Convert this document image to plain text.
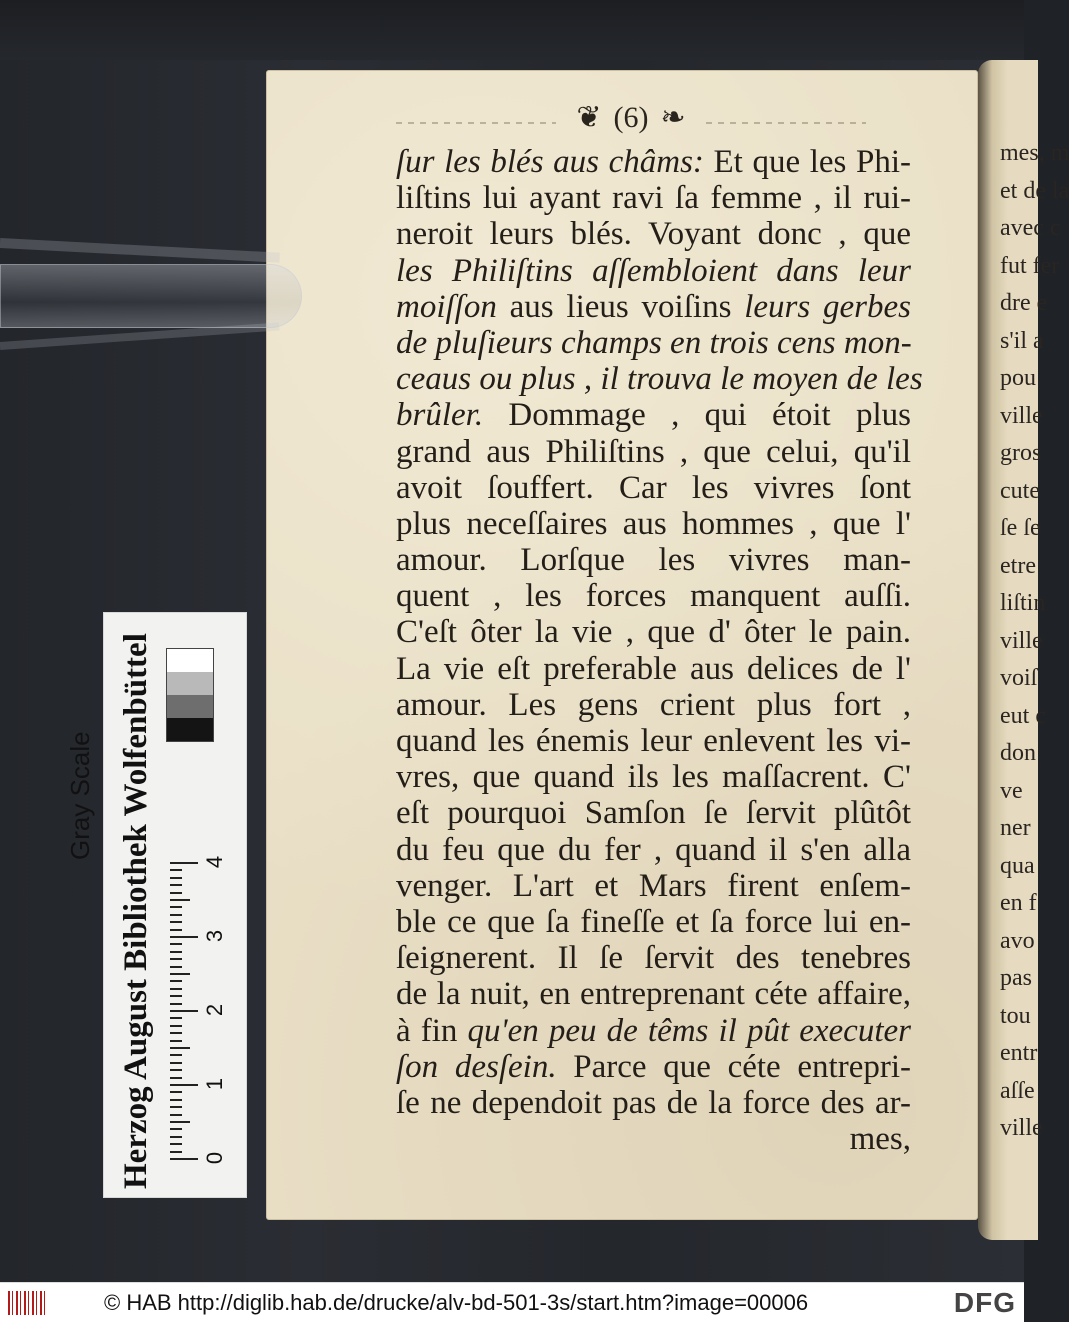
mes, m
et de la
avec c
fut fer
dre e
s'il a
pou
ville
gros
cute
ſe ſe
etre
liſtin
ville
voiſ
eut c
don
ve
ner
qua
en f
avo
pas
tou
entr
aſſe
ville
❦ (6) ❧
ſur les blés aus châms: Et que les Phi-
liſtins lui ayant ravi ſa femme , il rui-
neroit leurs blés. Voyant donc , que
les Philiſtins aſſembloient dans leur
moiſſon aus lieus voiſins leurs gerbes
de pluſieurs champs en trois cens mon-
ceaus ou plus , il trouva le moyen de les
brûler. Dommage , qui étoit plus
grand aus Philiſtins , que celui, qu'il
avoit ſouffert. Car les vivres ſont
plus neceſſaires aus hommes , que l'
amour. Lorſque les vivres man-
quent , les forces manquent auſſi.
C'eſt ôter la vie , que d' ôter le pain.
La vie eſt preferable aus delices de l'
amour. Les gens crient plus fort ,
quand les énemis leur enlevent les vi-
vres, que quand ils les maſſacrent. C'
eſt pourquoi Samſon ſe ſervit plûtôt
du feu que du fer , quand il s'en alla
venger. L'art et Mars firent enſem-
ble ce que ſa fineſſe et ſa force lui en-
ſeignerent. Il ſe ſervit des tenebres
de la nuit, en entreprenant céte affaire,
à fin qu'en peu de têms il pût executer
ſon desſein. Parce que céte entrepri-
ſe ne dependoit pas de la force des ar-
mes,
Herzog August Bibliothek Wolfenbüttel
Gray Scale
0
1
2
3
4
© HAB http://diglib.hab.de/drucke/alv-bd-501-3s/start.htm?image=00006	DFG
